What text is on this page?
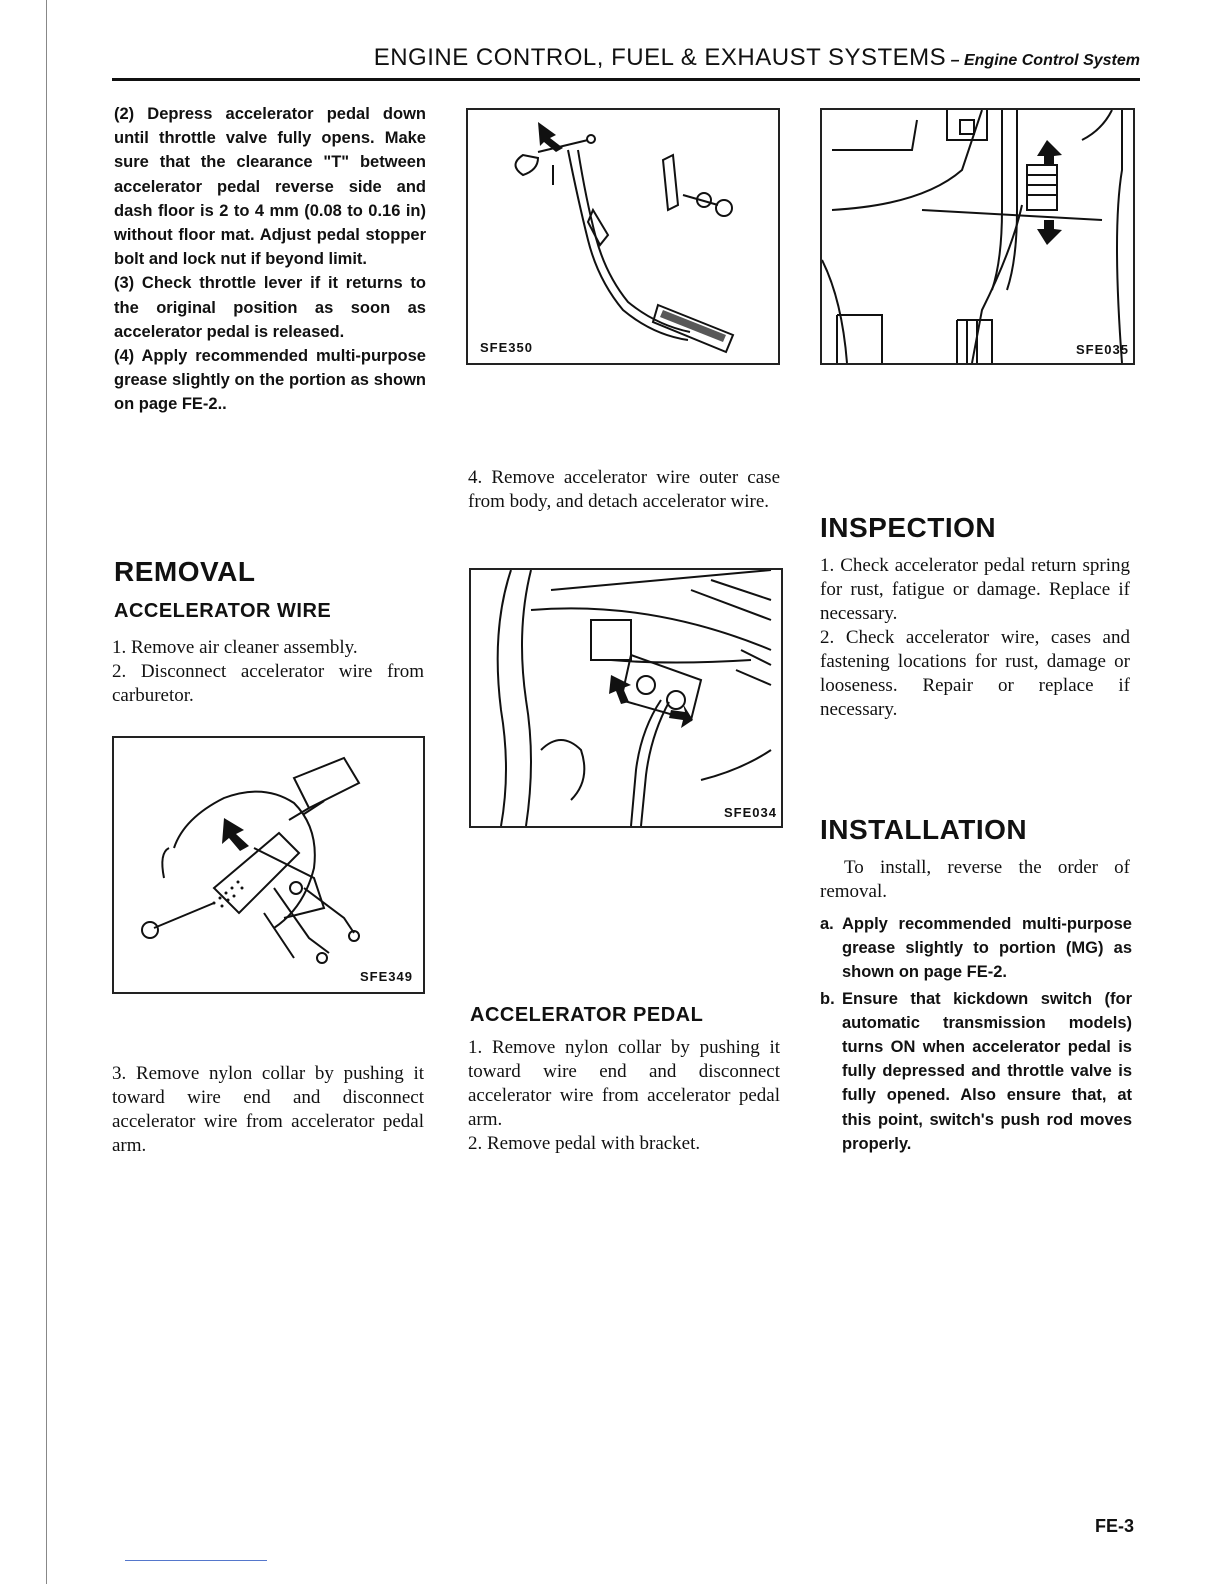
ENGINE CONTROL, FUEL & EXHAUST SYSTEMS – Engine Control System

(2) Depress accelerator pedal down until throttle valve fully opens. Make sure that the clearance "T" between accelerator pedal reverse side and dash floor is 2 to 4 mm (0.08 to 0.16 in) without floor mat. Adjust pedal stopper bolt and lock nut if beyond limit.

(3) Check throttle lever if it returns to the original position as soon as accelerator pedal is released.

(4) Apply recommended multi-purpose grease slightly on the portion as shown on page FE-2..

REMOVAL
ACCELERATOR WIRE

1. Remove air cleaner assembly.

2. Disconnect accelerator wire from carburetor.

SFE349
3. Remove nylon collar by pushing it toward wire end and disconnect accelerator wire from accelerator pedal arm.
SFE350
4. Remove accelerator wire outer case from body, and detach accelerator wire.
SFE034
ACCELERATOR PEDAL

1. Remove nylon collar by pushing it toward wire end and disconnect accelerator wire from accelerator pedal arm.

2. Remove pedal with bracket.

SFE035
INSPECTION

1. Check accelerator pedal return spring for rust, fatigue or damage. Replace if necessary.

2. Check accelerator wire, cases and fastening locations for rust, damage or looseness. Repair or replace if necessary.

INSTALLATION
To install, reverse the order of removal.
a. Apply recommended multi-purpose grease slightly to portion (MG) as shown on page FE-2.
b. Ensure that kickdown switch (for automatic transmission models) turns ON when accelerator pedal is fully depressed and throttle valve is fully opened. Also ensure that, at this point, switch's push rod moves properly.
FE-3
